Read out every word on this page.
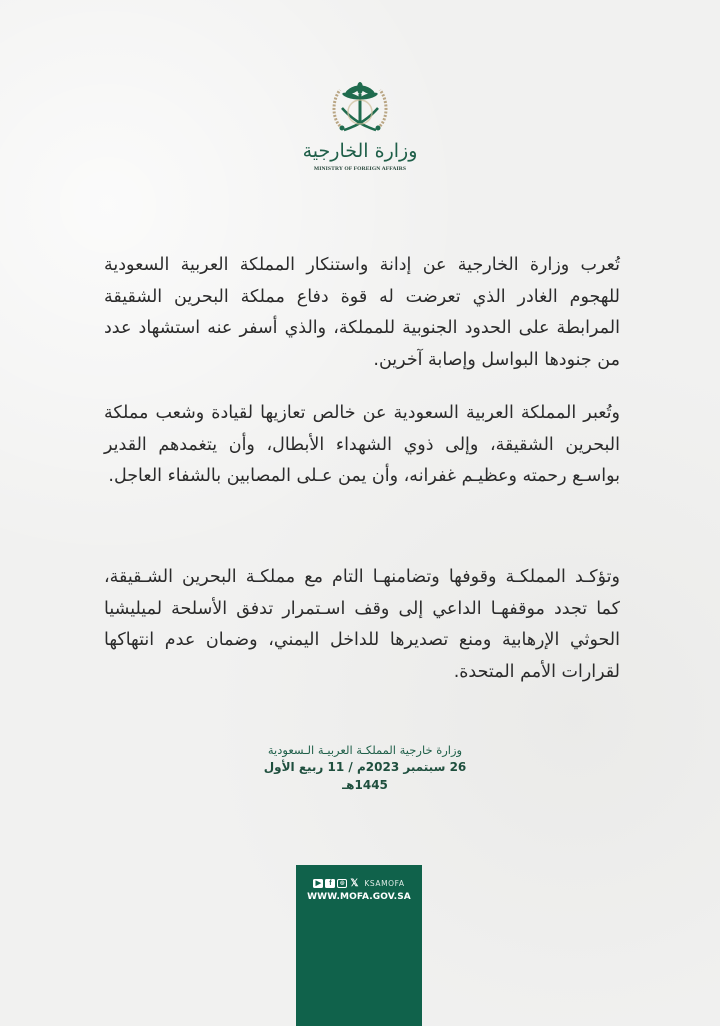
وزارة الخارجية
MINISTRY OF FOREIGN AFFAIRS

تُعرب وزارة الخارجية عن إدانة واستنكار المملكة العربية السعودية للهجوم الغادر الذي تعرضت له قوة دفاع مملكة البحرين الشقيقة المرابطة على الحدود الجنوبية للمملكة، والذي أسفر عنه استشهاد عدد من جنودها البواسل وإصابة آخرين.

وتُعبر المملكة العربية السعودية عن خالص تعازيها لقيادة وشعب مملكة البحرين الشقيقة، وإلى ذوي الشهداء الأبطال، وأن يتغمدهم القدير بواسـع رحمته وعظيـم غفرانه، وأن يمن عـلى المصابين بالشفاء العاجل.

وتؤكـد المملكـة وقوفها وتضامنهـا التام مع مملكـة البحرين الشـقيقة، كما تجدد موقفهـا الداعي إلى وقف اسـتمرار تدفق الأسلحة لميليشيا الحوثي الإرهابية ومنع تصديرها للداخل اليمني، وضمان عدم انتهاكها لقرارات الأمم المتحدة.

وزارة خارجية المملكـة العربيـة الـسعودية
26 سبتمبر 2023م / 11 ربيع الأول 1445هـ
▶	f	◎ 𝕏 KSAMOFA
WWW.MOFA.GOV.SA
